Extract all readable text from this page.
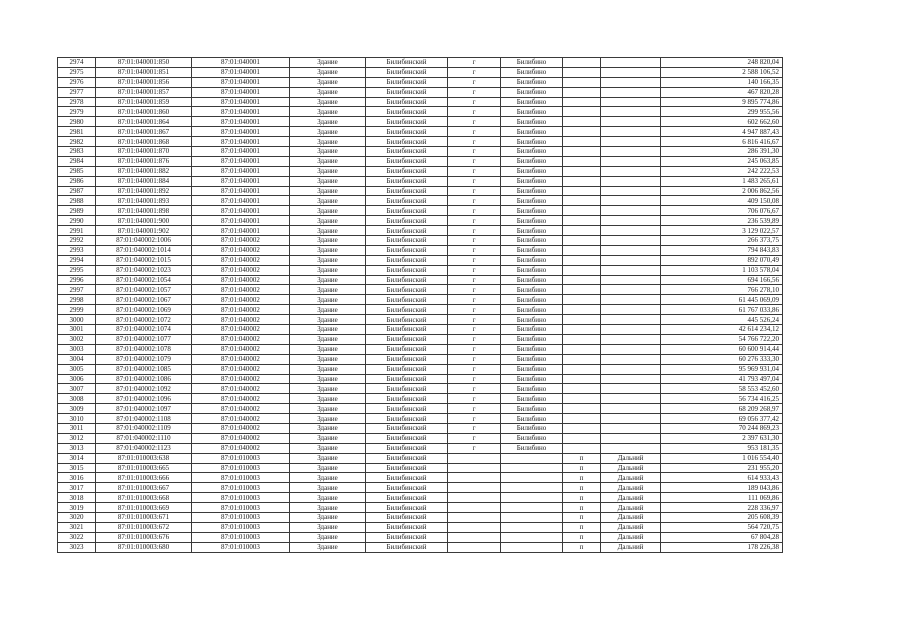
2974	87:01:040001:850	87:01:040001	Здание	Билибинский	г	Билибино			248 820,04
2975	87:01:040001:851	87:01:040001	Здание	Билибинский	г	Билибино			2 588 106,52
2976	87:01:040001:856	87:01:040001	Здание	Билибинский	г	Билибино			140 166,35
2977	87:01:040001:857	87:01:040001	Здание	Билибинский	г	Билибино			467 820,28
2978	87:01:040001:859	87:01:040001	Здание	Билибинский	г	Билибино			9 895 774,86
2979	87:01:040001:860	87:01:040001	Здание	Билибинский	г	Билибино			299 955,56
2980	87:01:040001:864	87:01:040001	Здание	Билибинский	г	Билибино			602 662,60
2981	87:01:040001:867	87:01:040001	Здание	Билибинский	г	Билибино			4 947 887,43
2982	87:01:040001:868	87:01:040001	Здание	Билибинский	г	Билибино			6 816 416,67
2983	87:01:040001:870	87:01:040001	Здание	Билибинский	г	Билибино			286 391,30
2984	87:01:040001:876	87:01:040001	Здание	Билибинский	г	Билибино			245 063,85
2985	87:01:040001:882	87:01:040001	Здание	Билибинский	г	Билибино			242 222,53
2986	87:01:040001:884	87:01:040001	Здание	Билибинский	г	Билибино			1 483 265,61
2987	87:01:040001:892	87:01:040001	Здание	Билибинский	г	Билибино			2 006 862,56
2988	87:01:040001:893	87:01:040001	Здание	Билибинский	г	Билибино			409 150,08
2989	87:01:040001:898	87:01:040001	Здание	Билибинский	г	Билибино			706 076,67
2990	87:01:040001:900	87:01:040001	Здание	Билибинский	г	Билибино			236 539,89
2991	87:01:040001:902	87:01:040001	Здание	Билибинский	г	Билибино			3 129 022,57
2992	87:01:040002:1006	87:01:040002	Здание	Билибинский	г	Билибино			266 373,75
2993	87:01:040002:1014	87:01:040002	Здание	Билибинский	г	Билибино			794 843,83
2994	87:01:040002:1015	87:01:040002	Здание	Билибинский	г	Билибино			892 070,49
2995	87:01:040002:1023	87:01:040002	Здание	Билибинский	г	Билибино			1 103 578,04
2996	87:01:040002:1054	87:01:040002	Здание	Билибинский	г	Билибино			694 166,56
2997	87:01:040002:1057	87:01:040002	Здание	Билибинский	г	Билибино			766 278,10
2998	87:01:040002:1067	87:01:040002	Здание	Билибинский	г	Билибино			61 445 069,09
2999	87:01:040002:1069	87:01:040002	Здание	Билибинский	г	Билибино			61 767 033,86
3000	87:01:040002:1072	87:01:040002	Здание	Билибинский	г	Билибино			445 526,24
3001	87:01:040002:1074	87:01:040002	Здание	Билибинский	г	Билибино			42 614 234,12
3002	87:01:040002:1077	87:01:040002	Здание	Билибинский	г	Билибино			54 766 722,20
3003	87:01:040002:1078	87:01:040002	Здание	Билибинский	г	Билибино			60 600 914,44
3004	87:01:040002:1079	87:01:040002	Здание	Билибинский	г	Билибино			60 276 333,30
3005	87:01:040002:1085	87:01:040002	Здание	Билибинский	г	Билибино			95 969 931,04
3006	87:01:040002:1086	87:01:040002	Здание	Билибинский	г	Билибино			41 793 497,04
3007	87:01:040002:1092	87:01:040002	Здание	Билибинский	г	Билибино			58 553 452,60
3008	87:01:040002:1096	87:01:040002	Здание	Билибинский	г	Билибино			56 734 416,25
3009	87:01:040002:1097	87:01:040002	Здание	Билибинский	г	Билибино			68 209 268,97
3010	87:01:040002:1108	87:01:040002	Здание	Билибинский	г	Билибино			69 056 377,42
3011	87:01:040002:1109	87:01:040002	Здание	Билибинский	г	Билибино			70 244 869,23
3012	87:01:040002:1110	87:01:040002	Здание	Билибинский	г	Билибино			2 397 631,30
3013	87:01:040002:1123	87:01:040002	Здание	Билибинский	г	Билибино			953 181,35
3014	87:01:010003:638	87:01:010003	Здание	Билибинский			п	Дальний	1 016 554,40
3015	87:01:010003:665	87:01:010003	Здание	Билибинский			п	Дальний	231 955,20
3016	87:01:010003:666	87:01:010003	Здание	Билибинский			п	Дальний	614 933,43
3017	87:01:010003:667	87:01:010003	Здание	Билибинский			п	Дальний	189 043,86
3018	87:01:010003:668	87:01:010003	Здание	Билибинский			п	Дальний	111 069,86
3019	87:01:010003:669	87:01:010003	Здание	Билибинский			п	Дальний	228 336,97
3020	87:01:010003:671	87:01:010003	Здание	Билибинский			п	Дальний	205 608,39
3021	87:01:010003:672	87:01:010003	Здание	Билибинский			п	Дальний	564 720,75
3022	87:01:010003:676	87:01:010003	Здание	Билибинский			п	Дальний	67 804,28
3023	87:01:010003:680	87:01:010003	Здание	Билибинский			п	Дальний	178 226,38
